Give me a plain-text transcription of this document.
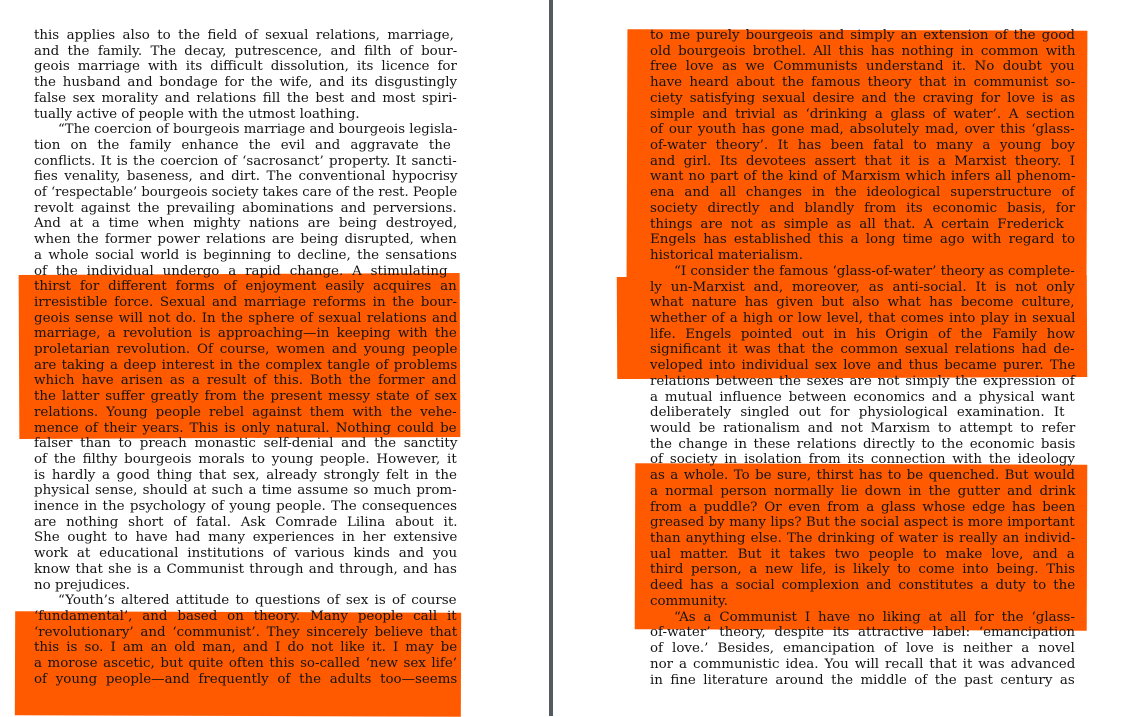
this applies also to the field of sexual relations, marriage,
and the family. The decay, putrescence, and filth of bour-
geois marriage with its difficult dissolution, its licence for
the husband and bondage for the wife, and its disgustingly
false sex morality and relations fill the best and most spiri-
tually active of people with the utmost loathing.
“The coercion of bourgeois marriage and bourgeois legisla-
tion on the family enhance the evil and aggravate the
conflicts. It is the coercion of ‘sacrosanct’ property. It sancti-
fies venality, baseness, and dirt. The conventional hypocrisy
of ‘respectable’ bourgeois society takes care of the rest. People
revolt against the prevailing abominations and perversions.
And at a time when mighty nations are being destroyed,
when the former power relations are being disrupted, when
a whole social world is beginning to decline, the sensations
of the individual undergo a rapid change. A stimulating
thirst for different forms of enjoyment easily acquires an
irresistible force. Sexual and marriage reforms in the bour-
geois sense will not do. In the sphere of sexual relations and
marriage, a revolution is approaching—in keeping with the
proletarian revolution. Of course, women and young people
are taking a deep interest in the complex tangle of problems
which have arisen as a result of this. Both the former and
the latter suffer greatly from the present messy state of sex
relations. Young people rebel against them with the vehe-
mence of their years. This is only natural. Nothing could be
falser than to preach monastic self-denial and the sanctity
of the filthy bourgeois morals to young people. However, it
is hardly a good thing that sex, already strongly felt in the
physical sense, should at such a time assume so much prom-
inence in the psychology of young people. The consequences
are nothing short of fatal. Ask Comrade Lilina about it.
She ought to have had many experiences in her extensive
work at educational institutions of various kinds and you
know that she is a Communist through and through, and has
no prejudices.
“Youth’s altered attitude to questions of sex is of course
‘fundamental’, and based on theory. Many people call it
‘revolutionary’ and ‘communist’. They sincerely believe that
this is so. I am an old man, and I do not like it. I may be
a morose ascetic, but quite often this so-called ‘new sex life’
of young people—and frequently of the adults too—seems
to me purely bourgeois and simply an extension of the good
old bourgeois brothel. All this has nothing in common with
free love as we Communists understand it. No doubt you
have heard about the famous theory that in communist so-
ciety satisfying sexual desire and the craving for love is as
simple and trivial as ‘drinking a glass of water’. A section
of our youth has gone mad, absolutely mad, over this ‘glass-
of-water theory’. It has been fatal to many a young boy
and girl. Its devotees assert that it is a Marxist theory. I
want no part of the kind of Marxism which infers all phenom-
ena and all changes in the ideological superstructure of
society directly and blandly from its economic basis, for
things are not as simple as all that. A certain Frederick
Engels has established this a long time ago with regard to
historical materialism.
“I consider the famous ‘glass-of-water’ theory as complete-
ly un-Marxist and, moreover, as anti-social. It is not only
what nature has given but also what has become culture,
whether of a high or low level, that comes into play in sexual
life. Engels pointed out in his Origin of the Family how
significant it was that the common sexual relations had de-
veloped into individual sex love and thus became purer. The
relations between the sexes are not simply the expression of
a mutual influence between economics and a physical want
deliberately singled out for physiological examination. It
would be rationalism and not Marxism to attempt to refer
the change in these relations directly to the economic basis
of society in isolation from its connection with the ideology
as a whole. To be sure, thirst has to be quenched. But would
a normal person normally lie down in the gutter and drink
from a puddle? Or even from a glass whose edge has been
greased by many lips? But the social aspect is more important
than anything else. The drinking of water is really an individ-
ual matter. But it takes two people to make love, and a
third person, a new life, is likely to come into being. This
deed has a social complexion and constitutes a duty to the
community.
“As a Communist I have no liking at all for the ‘glass-
of-water’ theory, despite its attractive label: ‘emancipation
of love.’ Besides, emancipation of love is neither a novel
nor a communistic idea. You will recall that it was advanced
in fine literature around the middle of the past century as
